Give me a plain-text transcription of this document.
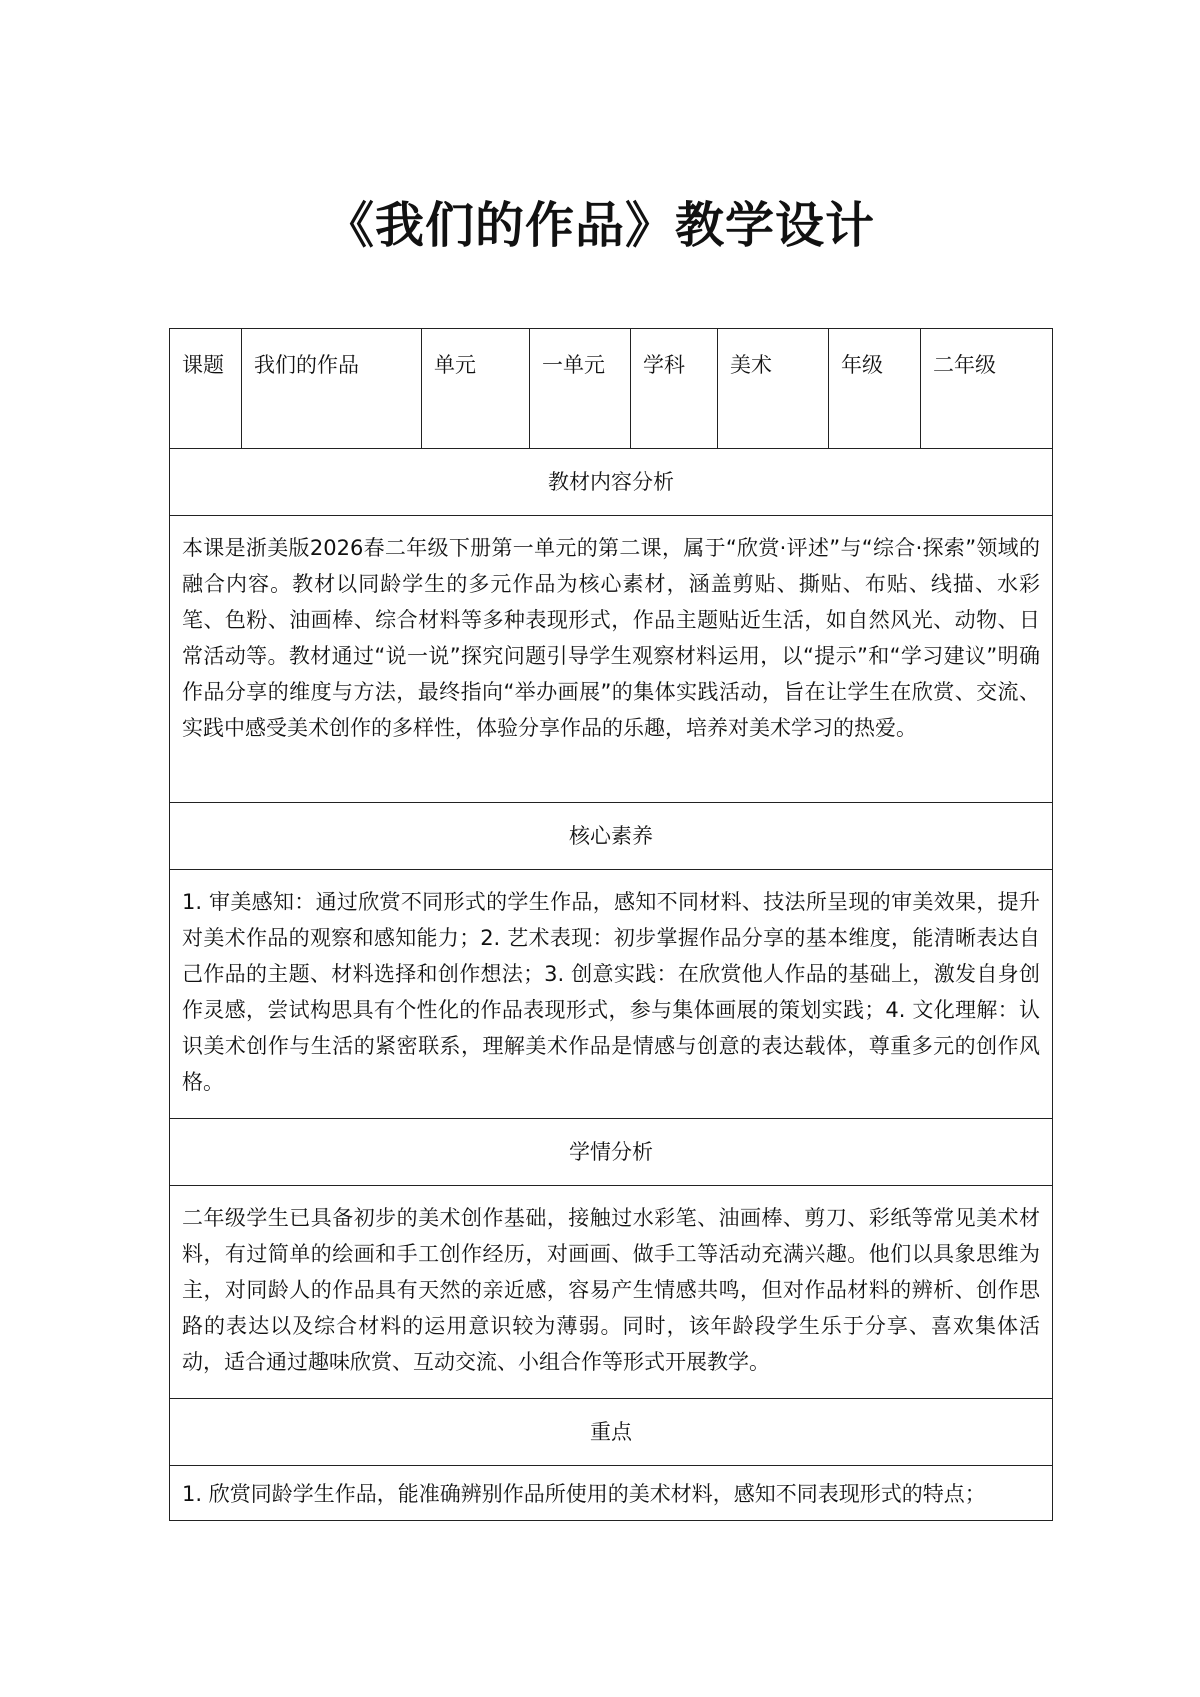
《我们的作品》教学设计
课题	我们的作品	单元	一单元	学科	美术	年级	二年级
教材内容分析
本课是浙美版2026春二年级下册第一单元的第二课，属于“欣赏·评述”与“综合·探索”领域的融合内容。教材以同龄学生的多元作品为核心素材，涵盖剪贴、撕贴、布贴、线描、水彩笔、色粉、油画棒、综合材料等多种表现形式，作品主题贴近生活，如自然风光、动物、日常活动等。教材通过“说一说”探究问题引导学生观察材料运用，以“提示”和“学习建议”明确作品分享的维度与方法，最终指向“举办画展”的集体实践活动，旨在让学生在欣赏、交流、实践中感受美术创作的多样性，体验分享作品的乐趣，培养对美术学习的热爱。
核心素养
1. 审美感知：通过欣赏不同形式的学生作品，感知不同材料、技法所呈现的审美效果，提升对美术作品的观察和感知能力；2. 艺术表现：初步掌握作品分享的基本维度，能清晰表达自己作品的主题、材料选择和创作想法；3. 创意实践：在欣赏他人作品的基础上，激发自身创作灵感，尝试构思具有个性化的作品表现形式，参与集体画展的策划实践；4. 文化理解：认识美术创作与生活的紧密联系，理解美术作品是情感与创意的表达载体，尊重多元的创作风格。
学情分析
二年级学生已具备初步的美术创作基础，接触过水彩笔、油画棒、剪刀、彩纸等常见美术材料，有过简单的绘画和手工创作经历，对画画、做手工等活动充满兴趣。他们以具象思维为主，对同龄人的作品具有天然的亲近感，容易产生情感共鸣，但对作品材料的辨析、创作思路的表达以及综合材料的运用意识较为薄弱。同时，该年龄段学生乐于分享、喜欢集体活动，适合通过趣味欣赏、互动交流、小组合作等形式开展教学。
重点
1. 欣赏同龄学生作品，能准确辨别作品所使用的美术材料，感知不同表现形式的特点；
